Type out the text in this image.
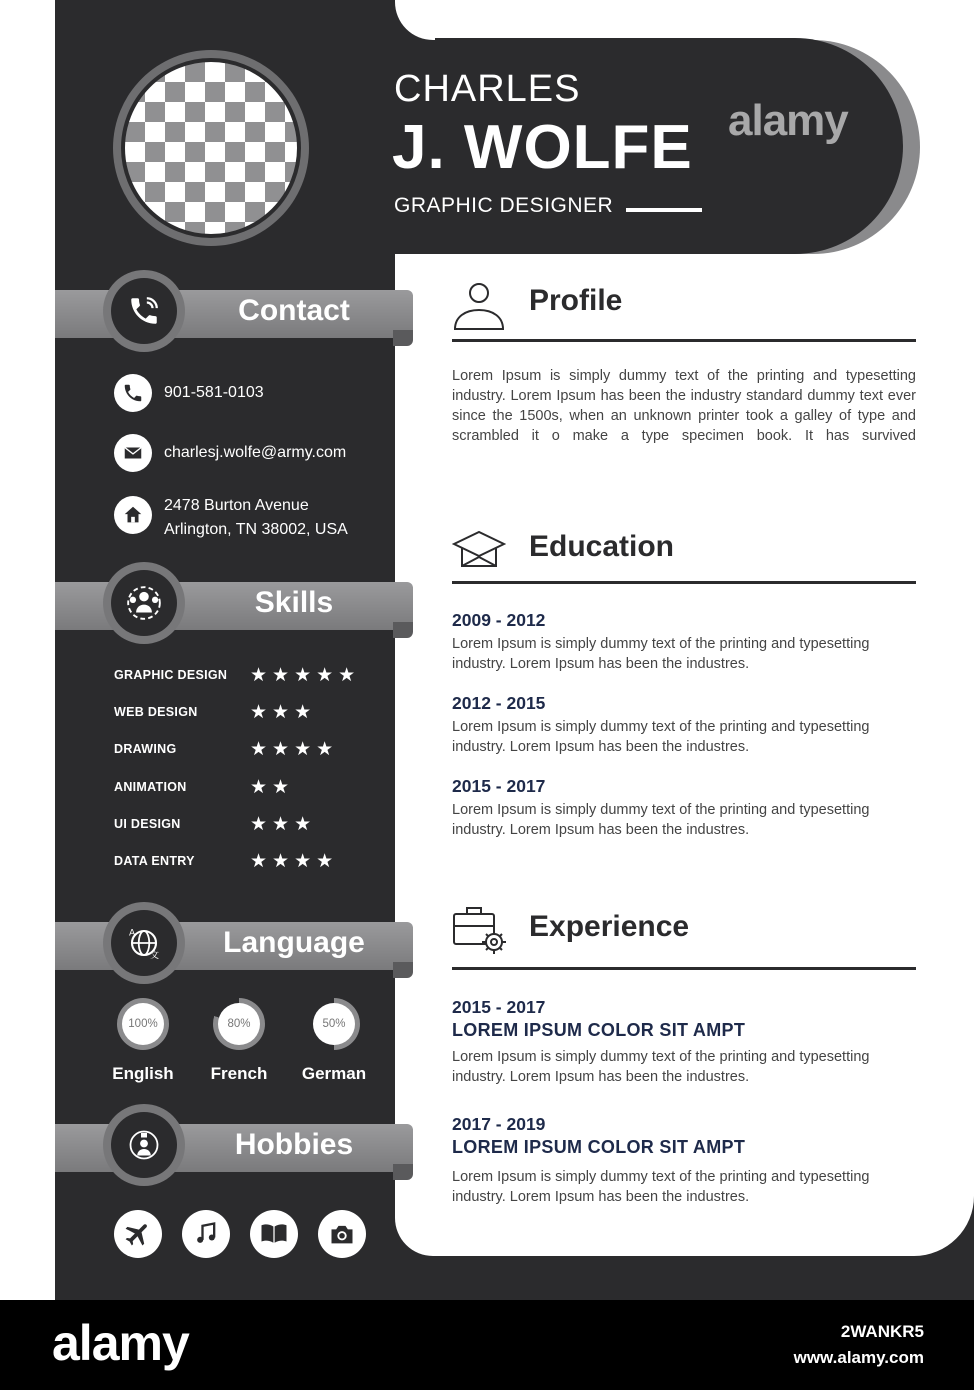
CHARLES
J. WOLFE
GRAPHIC DESIGNER
Contact
901-581-0103
charlesj.wolfe@army.com
2478 Burton Avenue
Arlington, TN 38002, USA
Skills
GRAPHIC DESIGN ★★★★★
WEB DESIGN	★★★
DRAWING	★★★★
ANIMATION	★★
UI DESIGN	★★★
DATA ENTRY	★★★★
A
文	Language
100%
English
80%
French
50%
German
Hobbies
Profile
Lorem Ipsum is simply dummy text of the printing and typesetting industry. Lorem Ipsum has been the industry standard dummy text ever since the 1500s, when an unknown printer took a galley of type and scrambled it o make a type specimen book. It has survived
Education
2009 - 2012
Lorem Ipsum is simply dummy text of the printing and typesetting industry. Lorem Ipsum has been the industres.
2012 - 2015
Lorem Ipsum is simply dummy text of the printing and typesetting industry. Lorem Ipsum has been the industres.
2015 - 2017
Lorem Ipsum is simply dummy text of the printing and typesetting industry. Lorem Ipsum has been the industres.
Experience
2015 - 2017
LOREM IPSUM COLOR SIT AMPT
Lorem Ipsum is simply dummy text of the printing and typesetting industry. Lorem Ipsum has been the industres.
2017 - 2019
LOREM IPSUM COLOR SIT AMPT
Lorem Ipsum is simply dummy text of the printing and typesetting industry. Lorem Ipsum has been the industres.
alamy
alamy	2WANKR5
www.alamy.com
